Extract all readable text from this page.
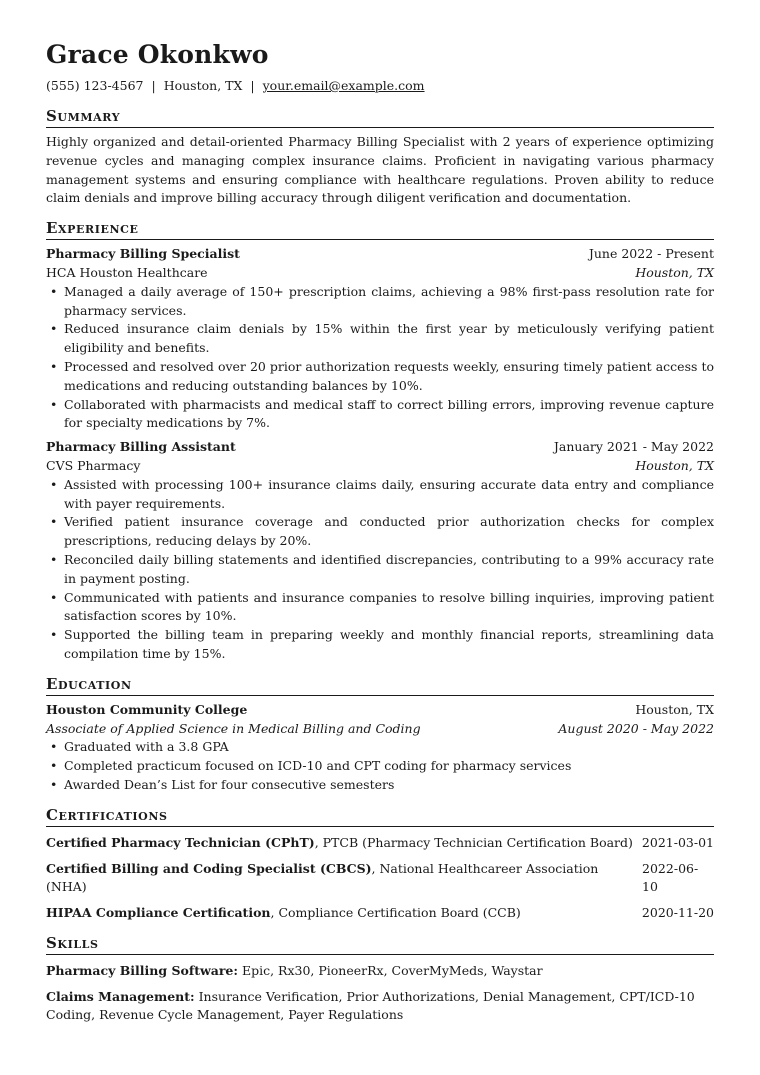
Grace Okonkwo
(555) 123-4567 | Houston, TX | your.email@example.com
Summary
Highly organized and detail-oriented Pharmacy Billing Specialist with 2 years of experience optimizing revenue cycles and managing complex insurance claims. Proficient in navigating various pharmacy management systems and ensuring compliance with healthcare regulations. Proven ability to reduce claim denials and improve billing accuracy through diligent verification and documentation.
Experience
Pharmacy Billing Specialist	June 2022 - Present
HCA Houston Healthcare	Houston, TX
• Managed a daily average of 150+ prescription claims, achieving a 98% first-pass resolution rate for pharmacy services.
• Reduced insurance claim denials by 15% within the first year by meticulously verifying patient eligibility and benefits.
• Processed and resolved over 20 prior authorization requests weekly, ensuring timely patient access to medications and reducing outstanding balances by 10%.
• Collaborated with pharmacists and medical staff to correct billing errors, improving revenue capture for specialty medications by 7%.
Pharmacy Billing Assistant	January 2021 - May 2022
CVS Pharmacy	Houston, TX
• Assisted with processing 100+ insurance claims daily, ensuring accurate data entry and compliance with payer requirements.
• Verified patient insurance coverage and conducted prior authorization checks for complex prescriptions, reducing delays by 20%.
• Reconciled daily billing statements and identified discrepancies, contributing to a 99% accuracy rate in payment posting.
• Communicated with patients and insurance companies to resolve billing inquiries, improving patient satisfaction scores by 10%.
• Supported the billing team in preparing weekly and monthly financial reports, streamlining data compilation time by 15%.
Education
Houston Community College	Houston, TX
Associate of Applied Science in Medical Billing and Coding	August 2020 - May 2022
• Graduated with a 3.8 GPA
• Completed practicum focused on ICD-10 and CPT coding for pharmacy services
• Awarded Dean’s List for four consecutive semesters
Certifications
Certified Pharmacy Technician (CPhT), PTCB (Pharmacy Technician Certification Board) 2021-03-01
Certified Billing and Coding Specialist (CBCS), National Healthcareer Association (NHA)
2022-06-10
HIPAA Compliance Certification, Compliance Certification Board (CCB)	2020-11-20
Skills
Pharmacy Billing Software: Epic, Rx30, PioneerRx, CoverMyMeds, Waystar
Claims Management: Insurance Verification, Prior Authorizations, Denial Management, CPT/ICD-10 Coding, Revenue Cycle Management, Payer Regulations
